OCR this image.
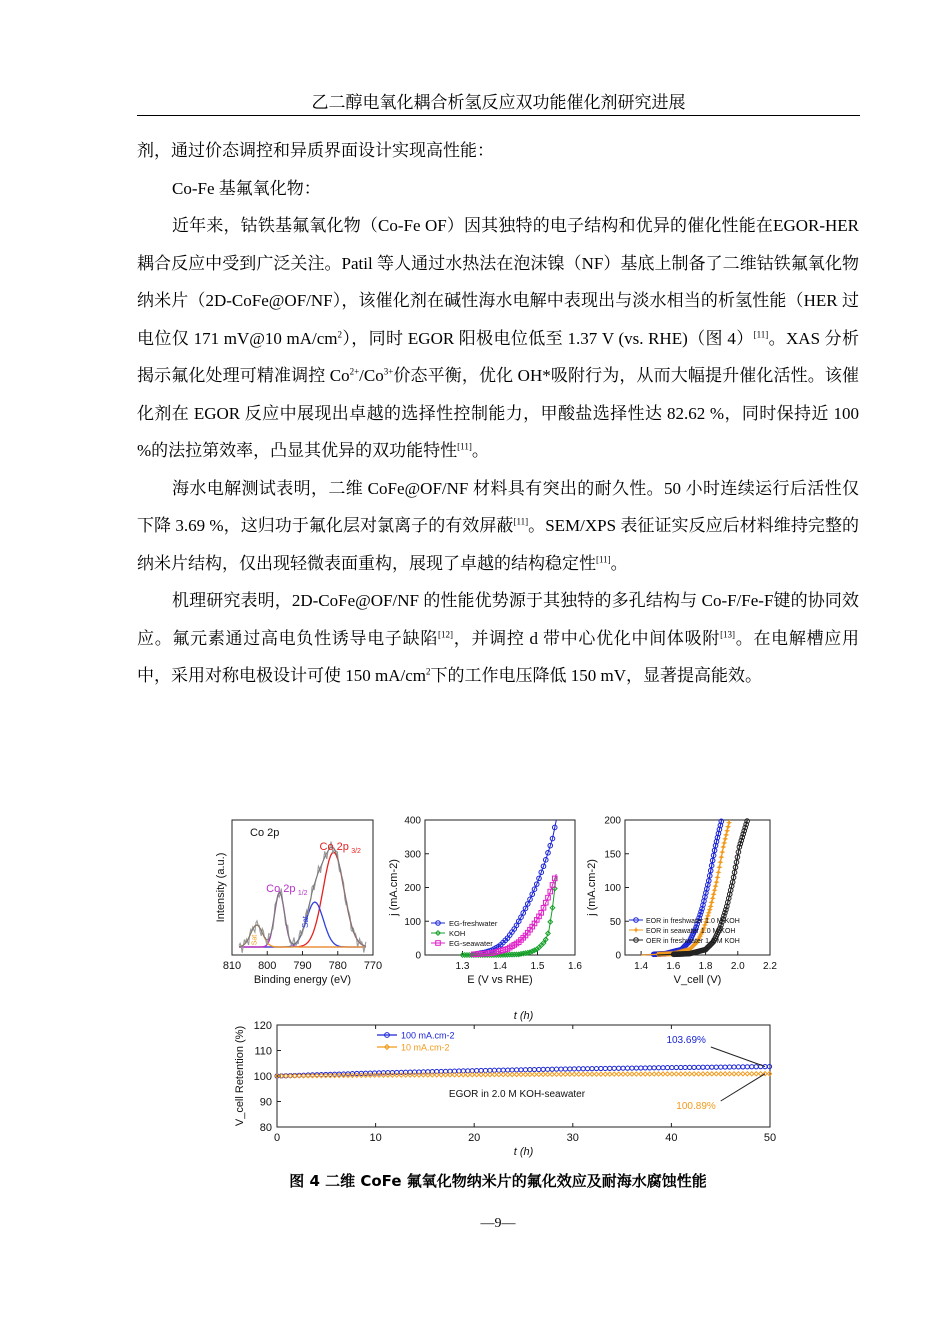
乙二醇电氧化耦合析氢反应双功能催化剂研究进展

剂，通过价态调控和异质界面设计实现高性能：

Co-Fe 基氟氧化物：

近年来，钴铁基氟氧化物（Co-Fe OF）因其独特的电子结构和优异的催化性能在EGOR-HER 耦合反应中受到广泛关注。Patil 等人通过水热法在泡沫镍（NF）基底上制备了二维钴铁氟氧化物纳米片（2D-CoFe@OF/NF），该催化剂在碱性海水电解中表现出与淡水相当的析氢性能（HER 过电位仅 171 mV@10 $mA/cm^2$），同时 EGOR 阳极电位低至 1.37 V (vs. RHE)（图 4）[11]。XAS 分析揭示氟化处理可精准调控 $Co^{2+}/Co^{3+}$价态平衡，优化 OH*吸附行为，从而大幅提升催化活性。该催化剂在 EGOR 反应中展现出卓越的选择性控制能力，甲酸盐选择性达 82.62 %，同时保持近 100 %的法拉第效率，凸显其优异的双功能特性[11]。

海水电解测试表明，二维 CoFe@OF/NF 材料具有突出的耐久性。50 小时连续运行后活性仅下降 3.69 %，这归功于氟化层对氯离子的有效屏蔽[11]。SEM/XPS 表征证实反应后材料维持完整的纳米片结构，仅出现轻微表面重构，展现了卓越的结构稳定性[11]。

机理研究表明，2D-CoFe@OF/NF 的性能优势源于其独特的多孔结构与 Co-F/Fe-F键的协同效应。氟元素通过高电负性诱导电子缺陷[12]，并调控 d 带中心优化中间体吸附[13]。在电解槽应用中，采用对称电极设计可使 150 $mA/cm^2$下的工作电压降低 150 mV，显著提高能效。

810 800 790 780 770
Binding energy (eV)
Intensity (a.u.)
Co 2p
Co 2p 3/2
Co 2p 1/2
Sat
Sat
1.3 1.4 1.5 1.6
0
100
200
300
400
E (V vs RHE)
j (mA.cm-2)
EG-freshwater
KOH
EG-seawater
1.4 1.6 1.8 2.0 2.2
0
50
100
150
200
V_cell (V)
j (mA.cm-2)
EOR in freshwater 1.0 M KOH
EOR in seawater 1.0 M KOH
OER in freshwater 1.0 M KOH
0	10	20	30	40	50
80
90
100
110
120
t (h)
t (h)
V_cell Retention (%)	100 mA.cm-2
10 mA.cm-2
EGOR in 2.0 M KOH-seawater
103.69%
100.89%
图 4 二维 CoFe 氟氧化物纳米片的氟化效应及耐海水腐蚀性能
—9—
